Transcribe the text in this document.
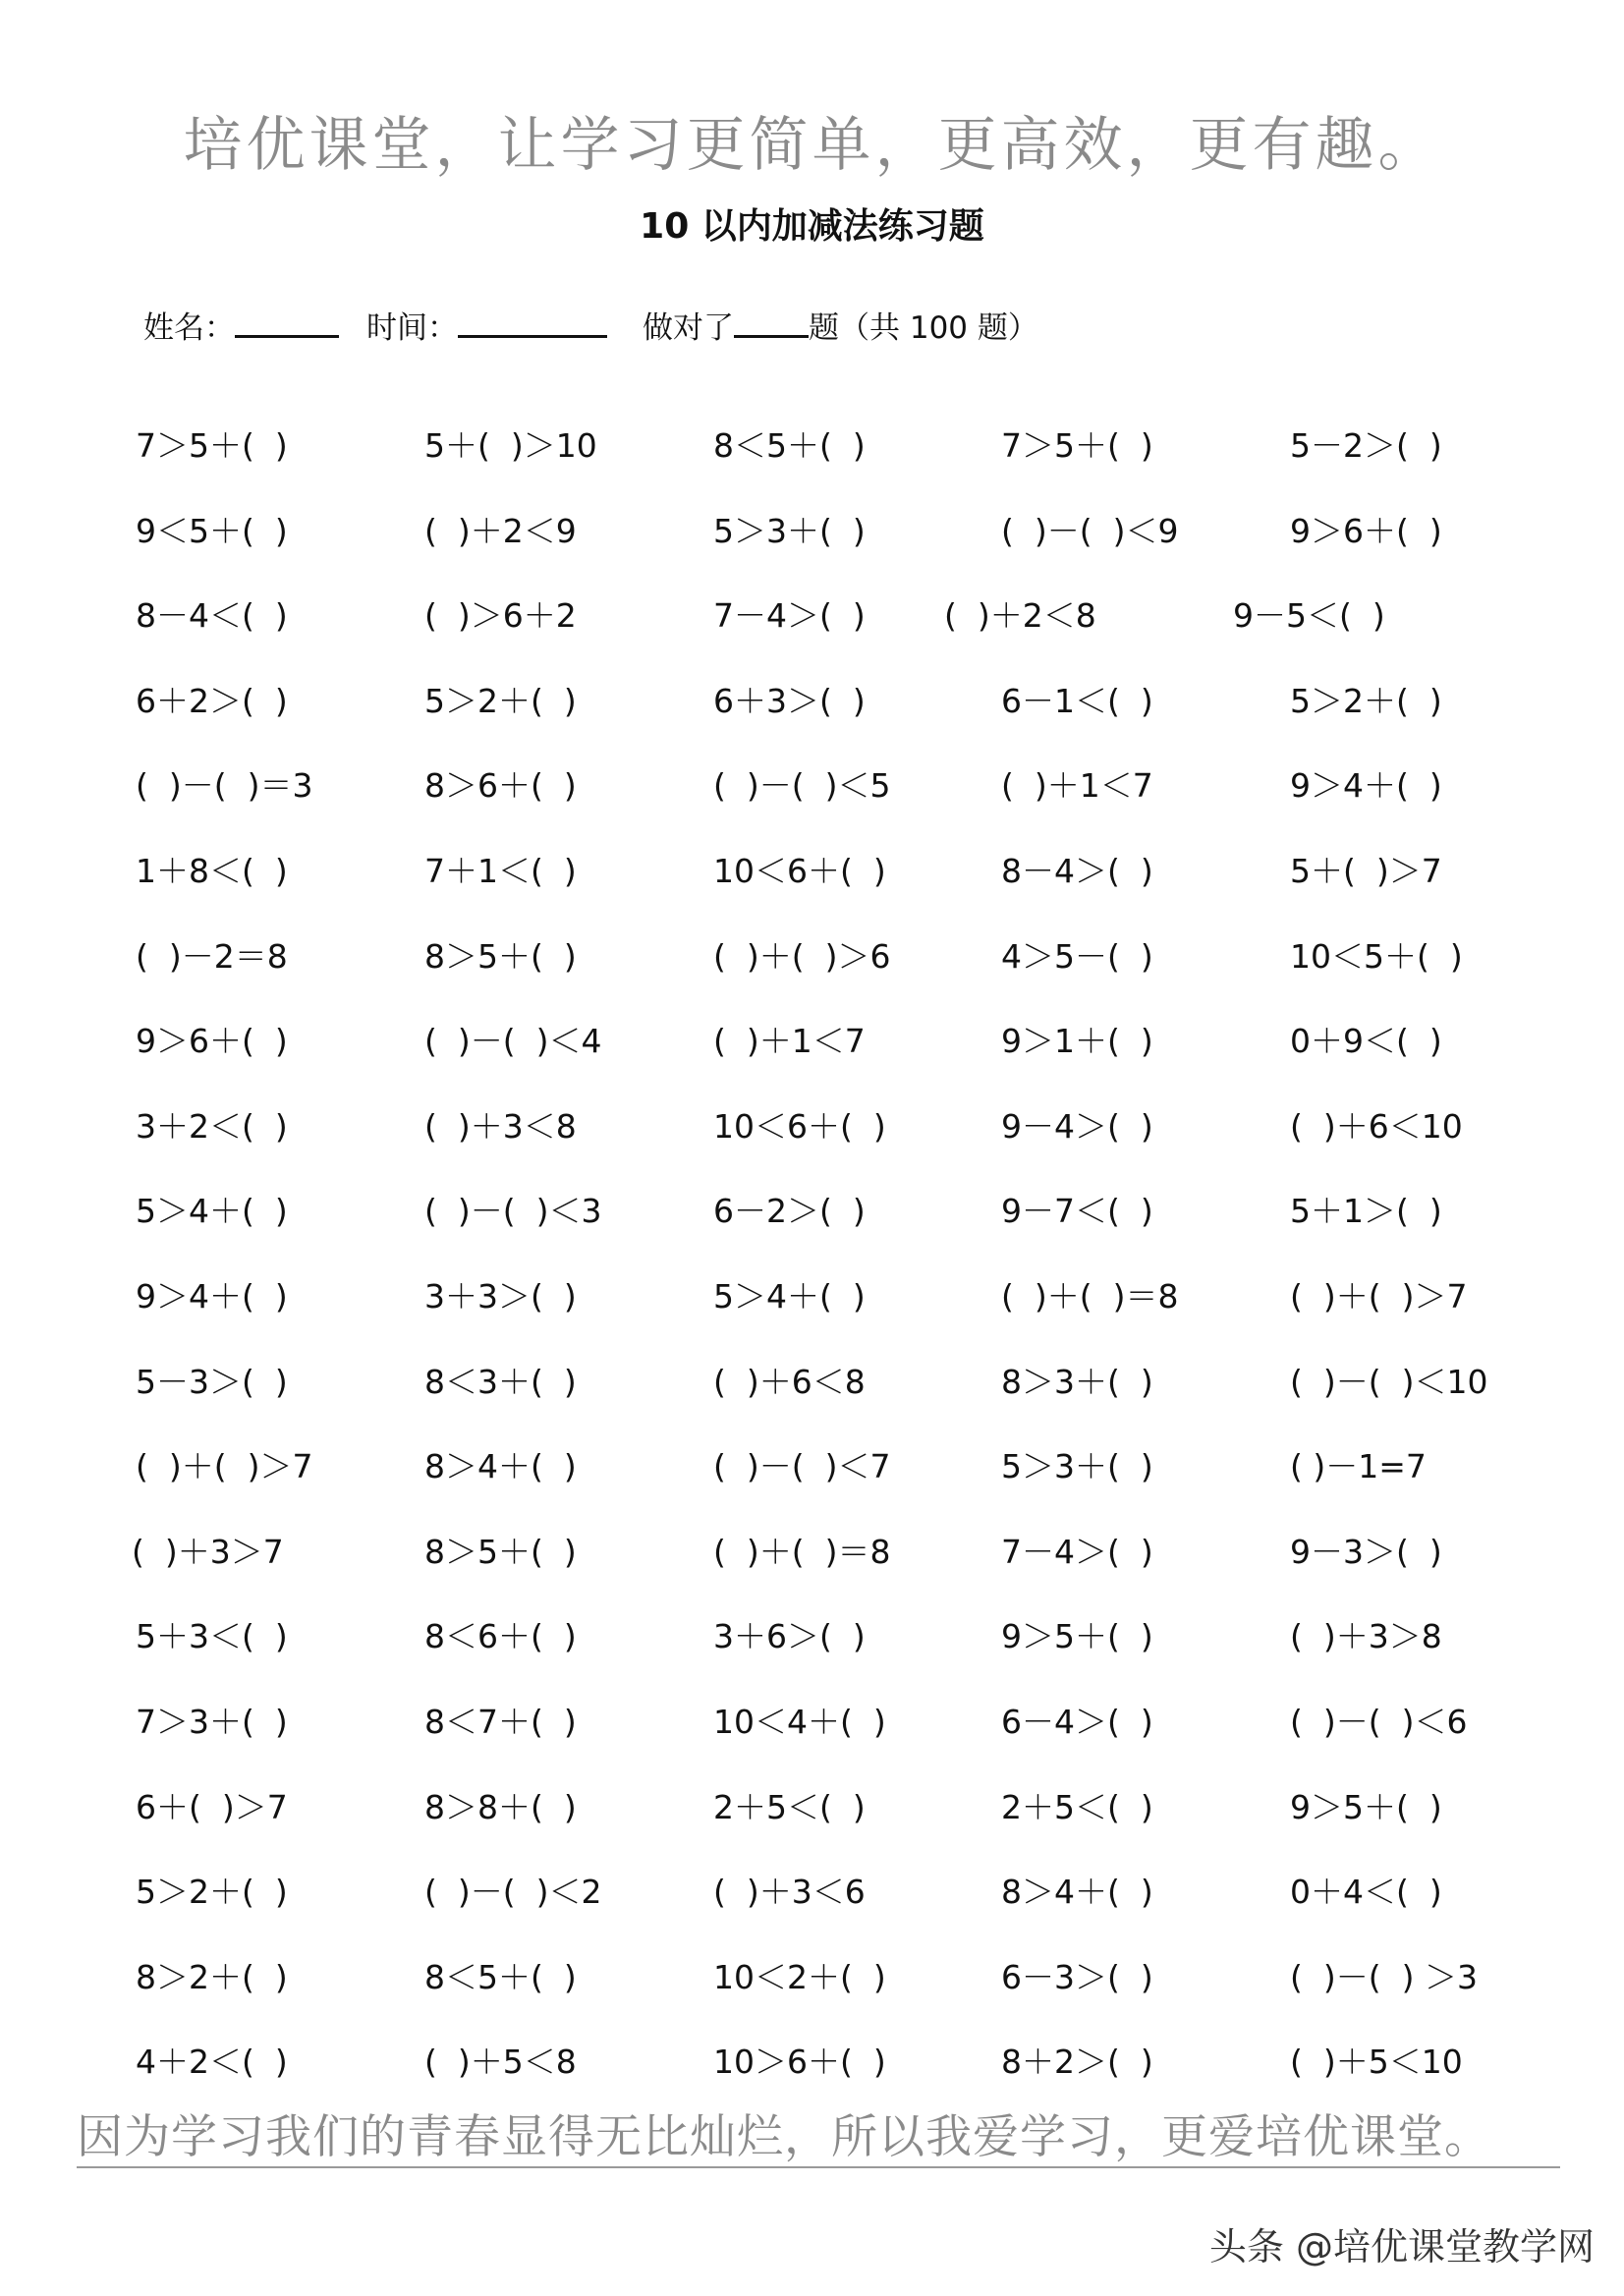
培优课堂，让学习更简单，更高效，更有趣。
10 以内加减法练习题
姓名：	时间：	做对了 题（共 100 题）
7＞5＋(  )	5＋(  )＞10	8＜5＋(  )	7＞5＋(  )	5－2＞(  )
9＜5＋(  )	(  )＋2＜9	5＞3＋(  )	(  )－(  )＜9	9＞6＋(  )
8－4＜(  )	(  )＞6＋2	7－4＞(  ) (  )＋2＜8	9－5＜(  )
6＋2＞(  )	5＞2＋(  )	6＋3＞(  )	6－1＜(  )	5＞2＋(  )
(  )－(  )＝3	8＞6＋(  )	(  )－(  )＜5	(  )＋1＜7	9＞4＋(  )
1＋8＜(  )	7＋1＜(  )	10＜6＋(  )	8－4＞(  )	5＋(  )＞7
(  )－2＝8	8＞5＋(  )	(  )＋(  )＞6	4＞5－(  )	10＜5＋(  )
9＞6＋(  )	(  )－(  )＜4	(  )＋1＜7	9＞1＋(  )	0＋9＜(  )
3＋2＜(  )	(  )＋3＜8	10＜6＋(  )	9－4＞(  )	(  )＋6＜10
5＞4＋(  )	(  )－(  )＜3	6－2＞(  )	9－7＜(  )	5＋1＞(  )
9＞4＋(  )	3＋3＞(  )	5＞4＋(  )	(  )＋(  )＝8	(  )＋(  )＞7
5－3＞(  )	8＜3＋(  )	(  )＋6＜8	8＞3＋(  )	(  )－(  )＜10
(  )＋(  )＞7	8＞4＋(  )	(  )－(  )＜7	5＞3＋(  )	( )－1=7
(  )＋3＞7	8＞5＋(  )	(  )＋(  )＝8	7－4＞(  )	9－3＞(  )
5＋3＜(  )	8＜6＋(  )	3＋6＞(  )	9＞5＋(  )	(  )＋3＞8
7＞3＋(  )	8＜7＋(  )	10＜4＋(  )	6－4＞(  )	(  )－(  )＜6
6＋(  )＞7	8＞8＋(  )	2＋5＜(  )	2＋5＜(  )	9＞5＋(  )
5＞2＋(  )	(  )－(  )＜2	(  )＋3＜6	8＞4＋(  )	0＋4＜(  )
8＞2＋(  )	8＜5＋(  )	10＜2＋(  )	6－3＞(  )	(  )－(  ) ＞3
4＋2＜(  )	(  )＋5＜8	10＞6＋(  )	8＋2＞(  )	(  )＋5＜10
因为学习我们的青春显得无比灿烂，所以我爱学习，更爱培优课堂。
头条 @培优课堂教学网
